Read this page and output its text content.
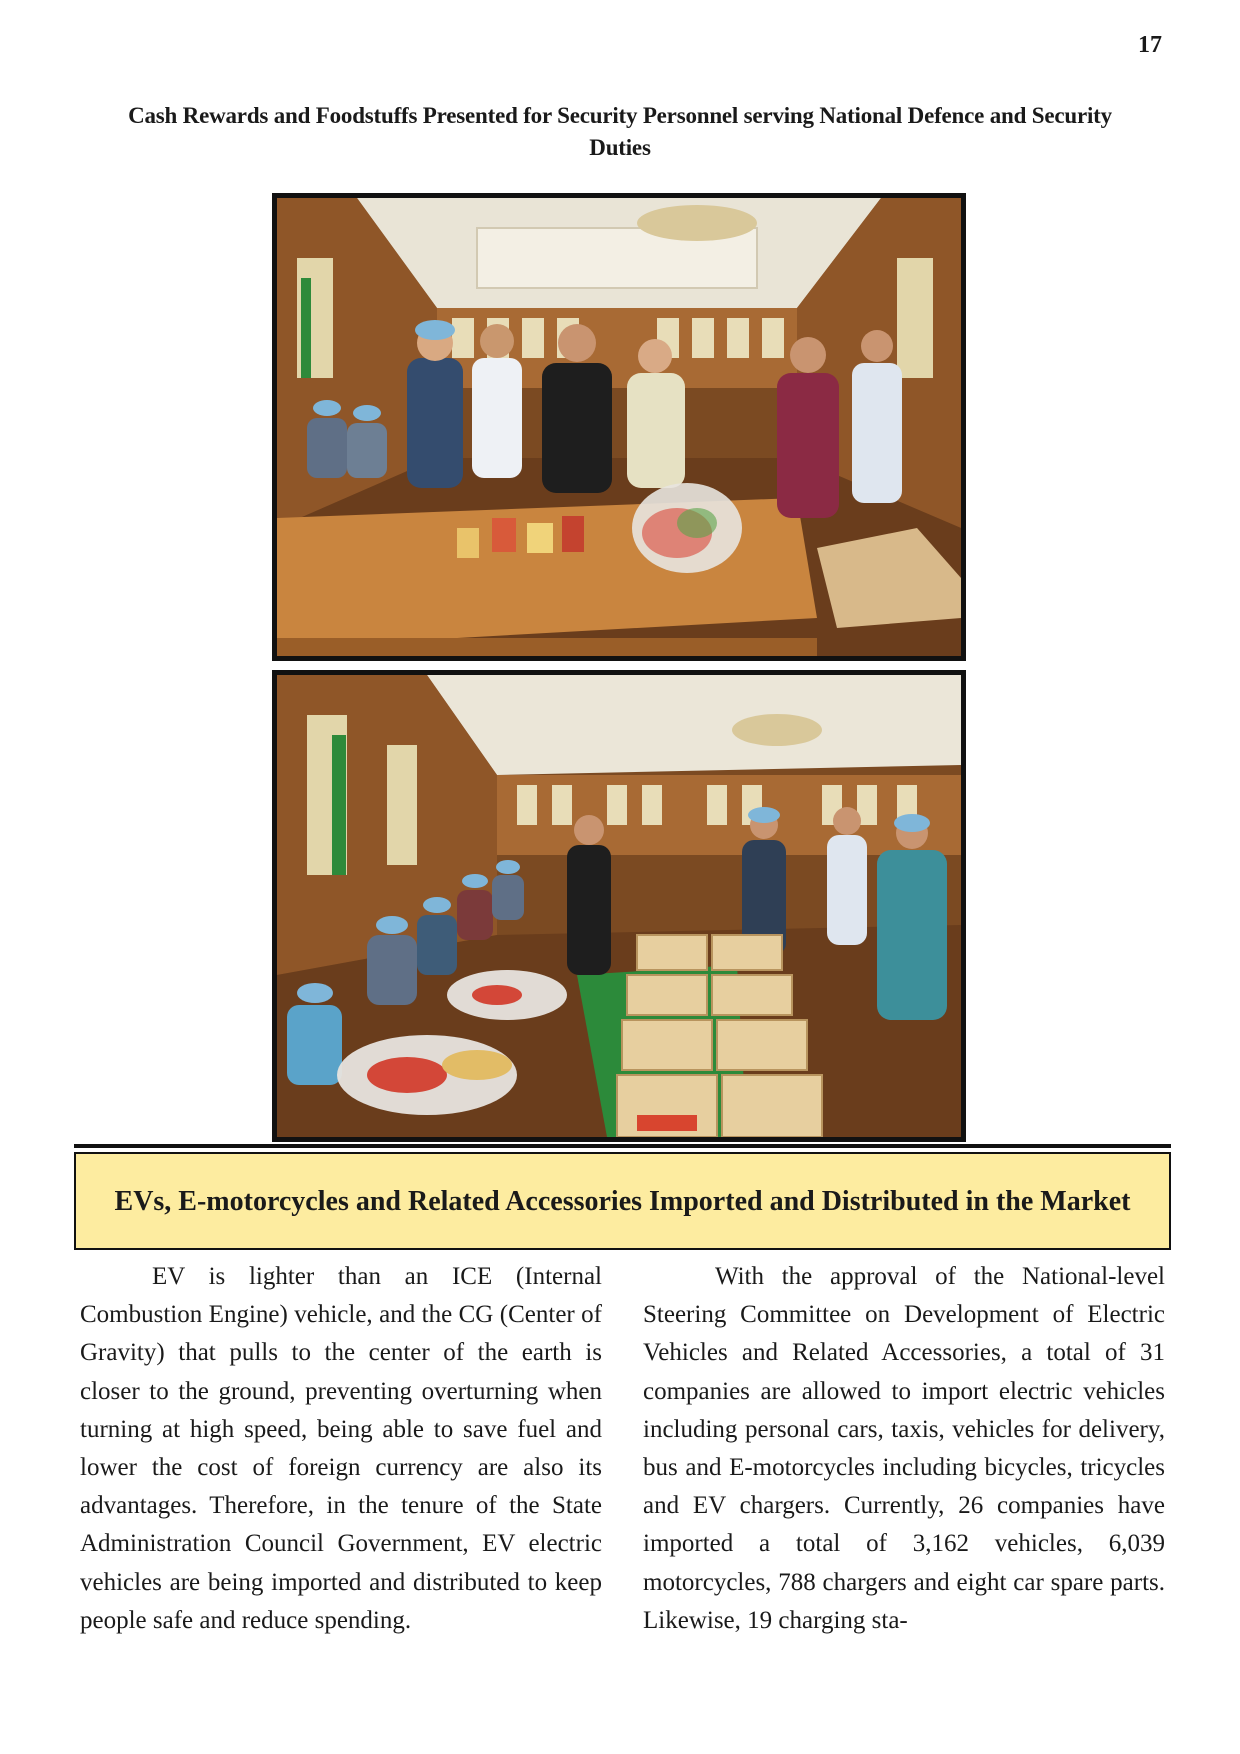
17
Cash Rewards and Foodstuffs Presented for Security Personnel serving National Defence and Security Duties
EVs, E-motorcycles and Related Accessories Imported and Distributed in the Market
EV is lighter than an ICE (Internal Combustion Engine) vehicle, and the CG (Center of Gravity) that pulls to the center of the earth is closer to the ground, preventing overturning when turning at high speed, being able to save fuel and lower the cost of foreign currency are also its advantages. Therefore, in the tenure of the State Administration Council Government, EV electric vehicles are being imported and distributed to keep people safe and reduce spending.
With the approval of the National-level Steering Committee on Development of Electric Vehicles and Related Accessories, a total of 31 companies are allowed to import electric vehicles including personal cars, taxis, vehicles for delivery, bus and E-motorcycles including bicycles, tricycles and EV chargers. Currently, 26 companies have imported a total of 3,162 vehicles, 6,039 motorcycles, 788 chargers and eight car spare parts. Likewise, 19 charging sta-
